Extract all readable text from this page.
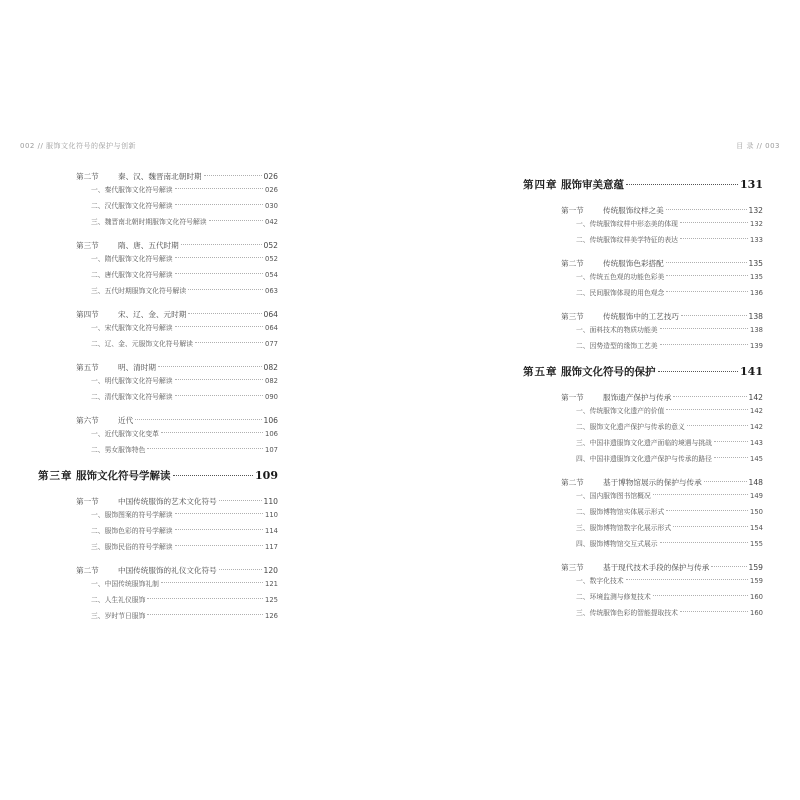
002 // 服饰文化符号的保护与创新	目 录 // 003
第二节	秦、汉、魏晋南北朝时期	026
一、秦代服饰文化符号解读	026
二、汉代服饰文化符号解读	030
三、魏晋南北朝时期服饰文化符号解读	042
第三节	隋、唐、五代时期	052
一、隋代服饰文化符号解读	052
二、唐代服饰文化符号解读	054
三、五代时期服饰文化符号解读	063
第四节	宋、辽、金、元时期	064
一、宋代服饰文化符号解读	064
二、辽、金、元服饰文化符号解读	077
第五节	明、清时期	082
一、明代服饰文化符号解读	082
二、清代服饰文化符号解读	090
第六节	近代	106
一、近代服饰文化变革	106
二、男女服饰特色	107
第三章 服饰文化符号学解读	109
第一节	中国传统服饰的艺术文化符号	110
一、服饰图案的符号学解读	110
二、服饰色彩的符号学解读	114
三、服饰民俗的符号学解读	117
第二节	中国传统服饰的礼仪文化符号	120
一、中国传统服饰礼制	121
二、人生礼仪服饰	125
三、岁时节日服饰	126
第四章 服饰审美意蕴	131
第一节	传统服饰纹样之美	132
一、传统服饰纹样中形态美的体现	132
二、传统服饰纹样美学特征的表达	133
第二节	传统服饰色彩搭配	135
一、传统五色观的功能色彩美	135
二、民间服饰体现的用色观念	136
第三节	传统服饰中的工艺技巧	138
一、面料技术的物质功能美	138
二、因势造型的缘饰工艺美	139
第五章 服饰文化符号的保护	141
第一节	服饰遗产保护与传承	142
一、传统服饰文化遗产的价值	142
二、服饰文化遗产保护与传承的意义	142
三、中国非遗服饰文化遗产面临的境遇与挑战	143
四、中国非遗服饰文化遗产保护与传承的路径	145
第二节	基于博物馆展示的保护与传承	148
一、国内服饰图书馆概况	149
二、服饰博物馆实体展示形式	150
三、服饰博物馆数字化展示形式	154
四、服饰博物馆交互式展示	155
第三节	基于现代技术手段的保护与传承	159
一、数字化技术	159
二、环境监测与修复技术	160
三、传统服饰色彩的智能提取技术	160
